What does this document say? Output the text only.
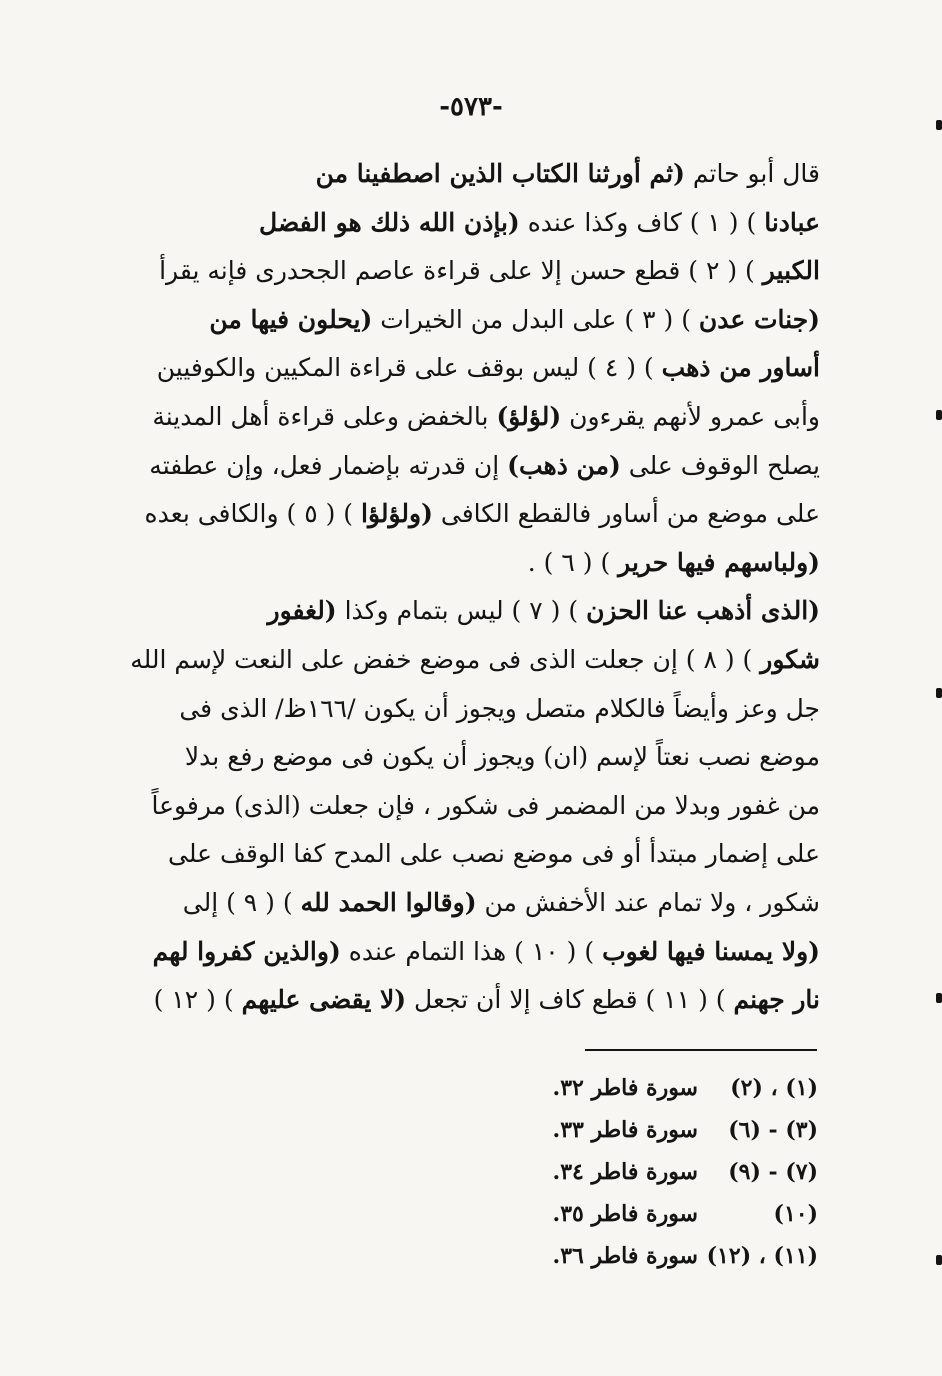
-٥٧٣-
قال أبو حاتم (ثم أورثنا الكتاب الذين اصطفينا من
عبادنا ) ( ١ ) كاف وكذا عنده (بإذن الله ذلك هو الفضل
الكبير ) ( ٢ ) قطع حسن إلا على قراءة عاصم الجحدرى فإنه يقرأ
(جنات عدن ) ( ٣ ) على البدل من الخيرات (يحلون فيها من
أساور من ذهب ) ( ٤ ) ليس بوقف على قراءة المكيين والكوفيين
وأبى عمرو لأنهم يقرءون (لؤلؤ) بالخفض وعلى قراءة أهل المدينة
يصلح الوقوف على (من ذهب) إن قدرته بإضمار فعل، وإن عطفته
على موضع من أساور فالقطع الكافى (ولؤلؤا ) ( ٥ ) والكافى بعده
(ولباسهم فيها حرير ) ( ٦ ) .
(الذى أذهب عنا الحزن ) ( ٧ ) ليس بتمام وكذا (لغفور
شكور ) ( ٨ ) إن جعلت الذى فى موضع خفض على النعت لإسم الله
جل وعز وأيضاً فالكلام متصل ويجوز أن يكون /١٦٦ظ/ الذى فى
موضع نصب نعتاً لإسم (ان) ويجوز أن يكون فى موضع رفع بدلا
من غفور وبدلا من المضمر فى شكور ، فإن جعلت (الذى) مرفوعاً
على إضمار مبتدأ أو فى موضع نصب على المدح كفا الوقف على
شكور ، ولا تمام عند الأخفش من (وقالوا الحمد لله ) ( ٩ ) إلى
(ولا يمسنا فيها لغوب ) ( ١٠ ) هذا التمام عنده (والذين كفروا لهم
نار جهنم ) ( ١١ ) قطع كاف إلا أن تجعل (لا يقضى عليهم ) ( ١٢ )
(١) ، (٢)سورة فاطر ٣٢.
(٣) - (٦)سورة فاطر ٣٣.
(٧) - (٩)سورة فاطر ٣٤.
(١٠)سورة فاطر ٣٥.
(١١) ، (١٢)سورة فاطر ٣٦.
